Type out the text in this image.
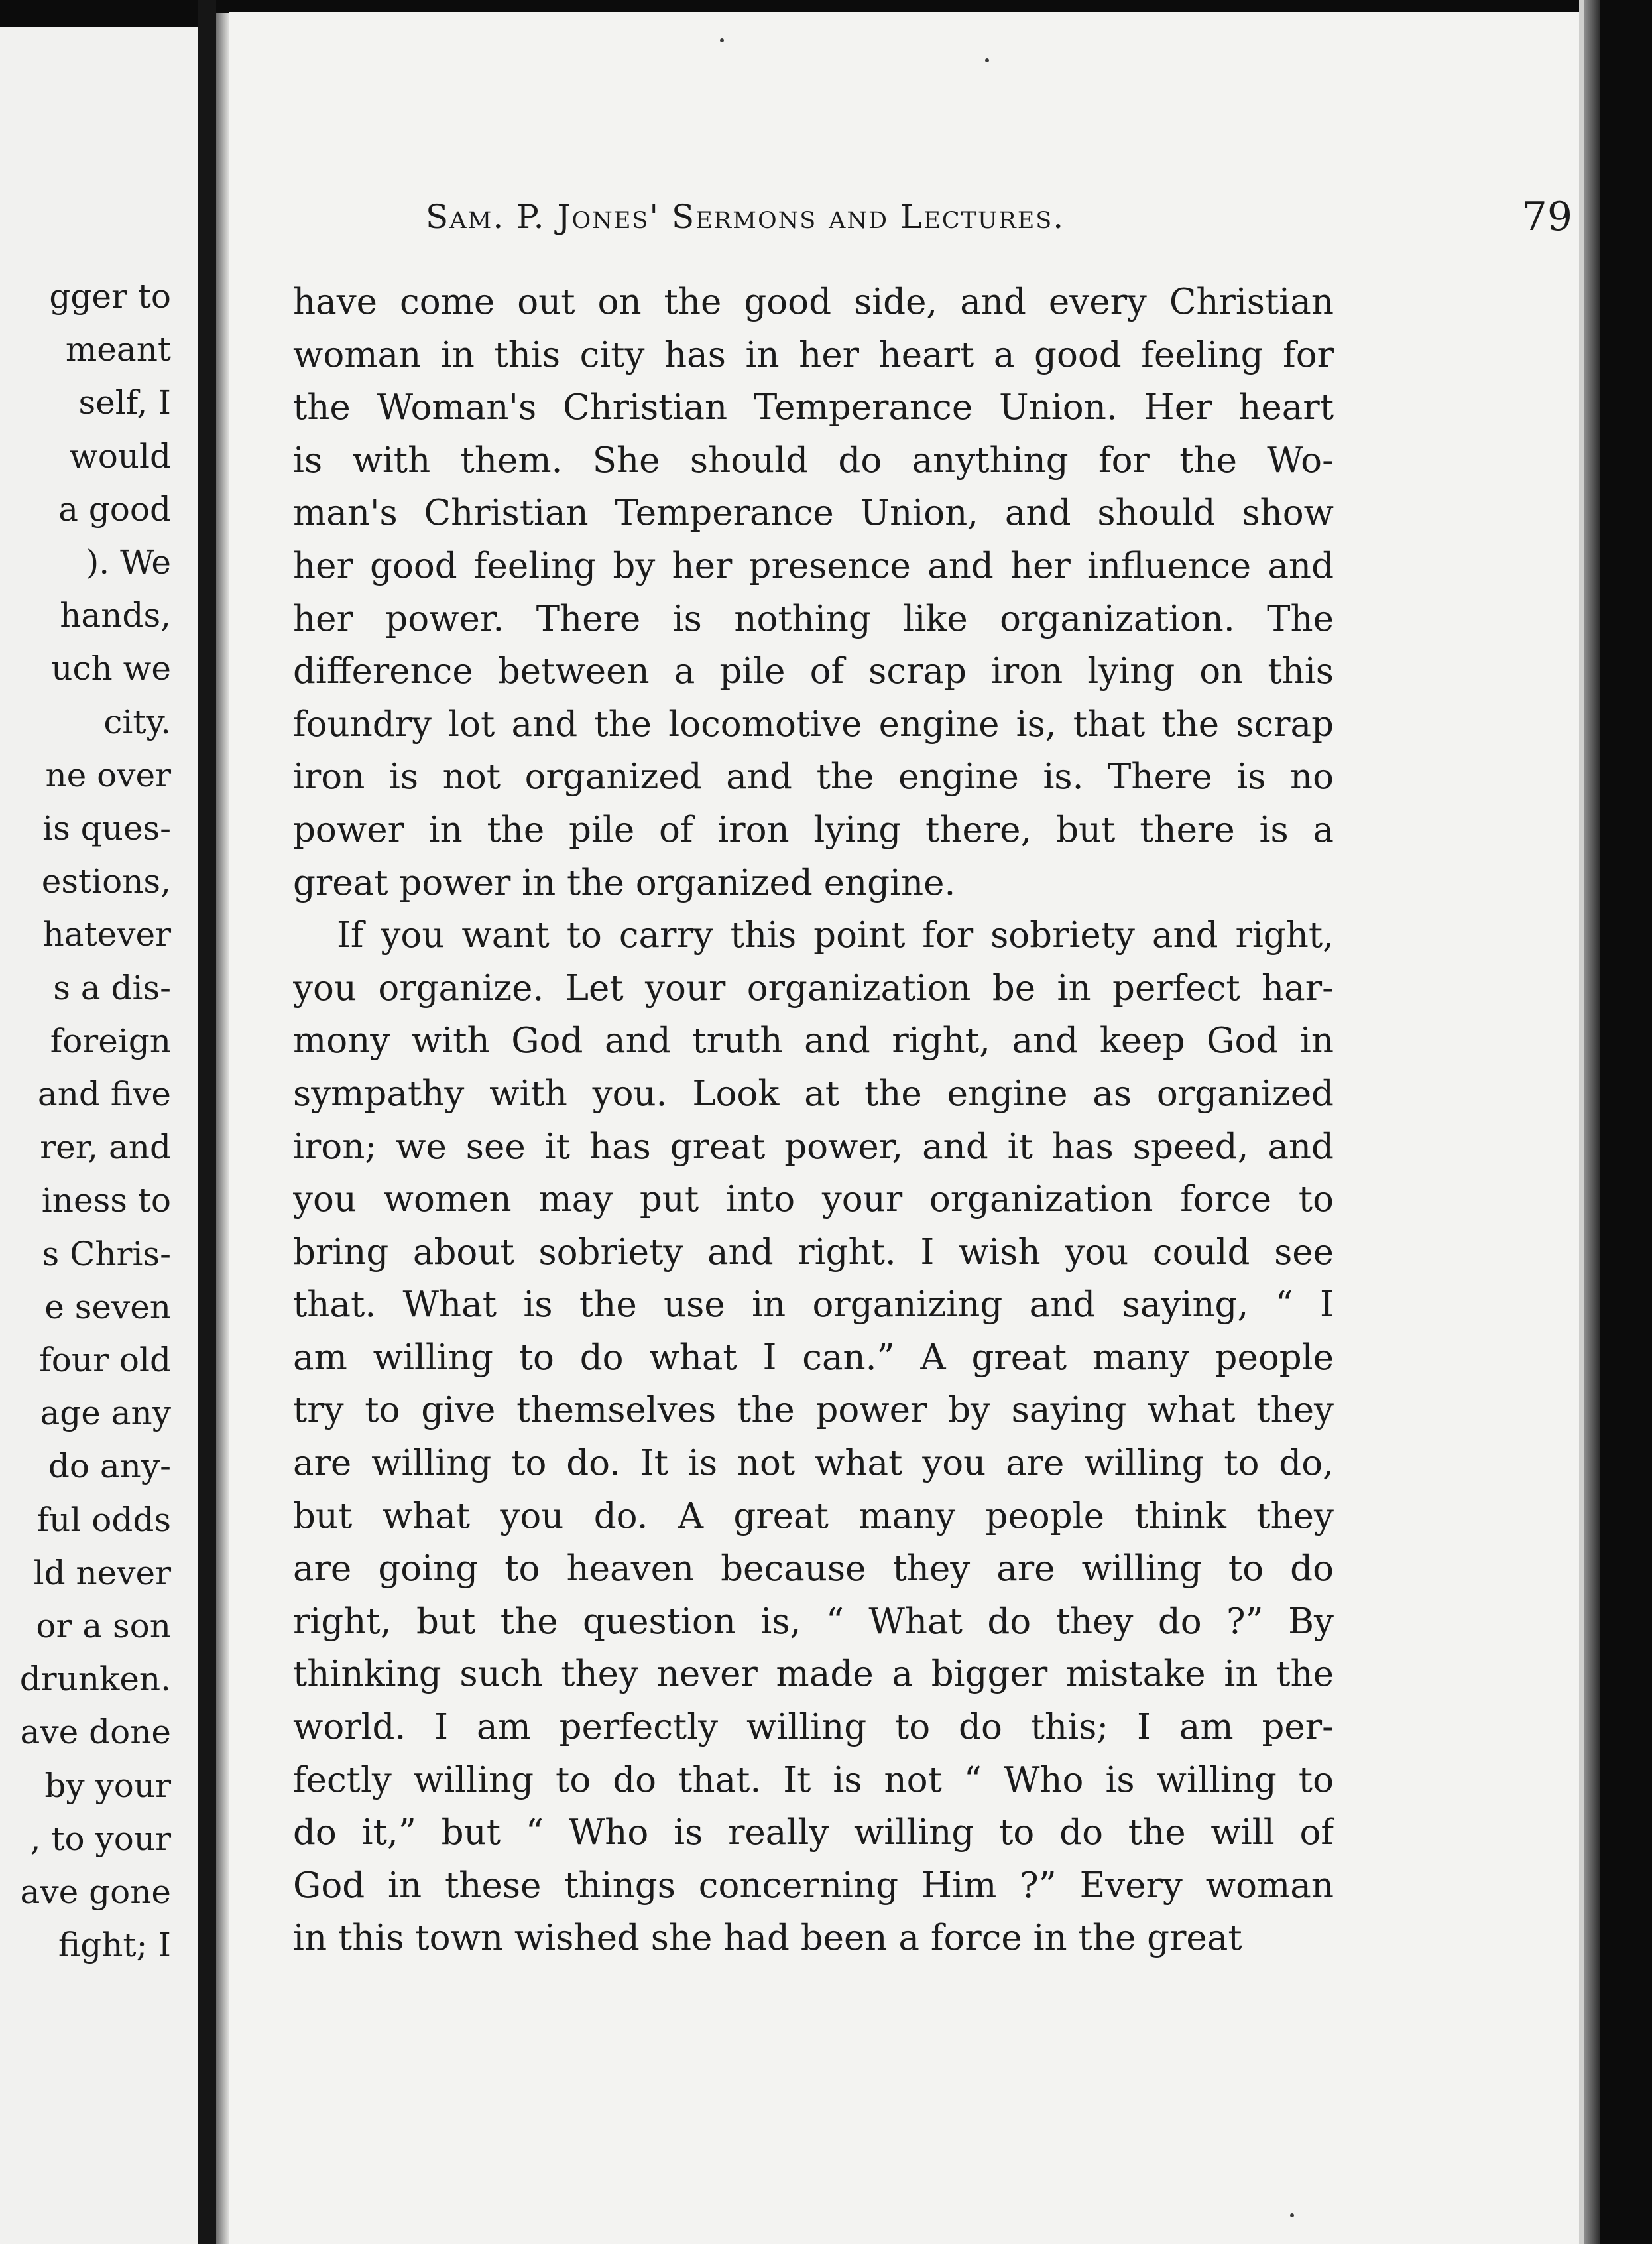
gger to
meant
self, I
would
a good
). We
hands,
uch we
city.
ne over
is ques-
estions,
hatever
s a dis-
foreign
and five
rer, and
iness to
s Chris-
e seven
four old
age any
do any-
ful odds
ld never
or a son
drunken.
ave done
by your
, to your
ave gone
fight; I
Sam. P. Jones' Sermons and Lectures.	79
have come out on the good side, and every Christian
woman in this city has in her heart a good feeling for
the Woman's Christian Temperance Union. Her heart
is with them. She should do anything for the Wo-
man's Christian Temperance Union, and should show
her good feeling by her presence and her influence and
her power. There is nothing like organization. The
difference between a pile of scrap iron lying on this
foundry lot and the locomotive engine is, that the scrap
iron is not organized and the engine is. There is no
power in the pile of iron lying there, but there is a
great power in the organized engine.
If you want to carry this point for sobriety and right,
you organize. Let your organization be in perfect har-
mony with God and truth and right, and keep God in
sympathy with you. Look at the engine as organized
iron; we see it has great power, and it has speed, and
you women may put into your organization force to
bring about sobriety and right. I wish you could see
that. What is the use in organizing and saying, “ I
am willing to do what I can.” A great many people
try to give themselves the power by saying what they
are willing to do. It is not what you are willing to do,
but what you do. A great many people think they
are going to heaven because they are willing to do
right, but the question is, “ What do they do ?” By
thinking such they never made a bigger mistake in the
world. I am perfectly willing to do this; I am per-
fectly willing to do that. It is not “ Who is willing to
do it,” but “ Who is really willing to do the will of
God in these things concerning Him ?” Every woman
in this town wished she had been a force in the great
